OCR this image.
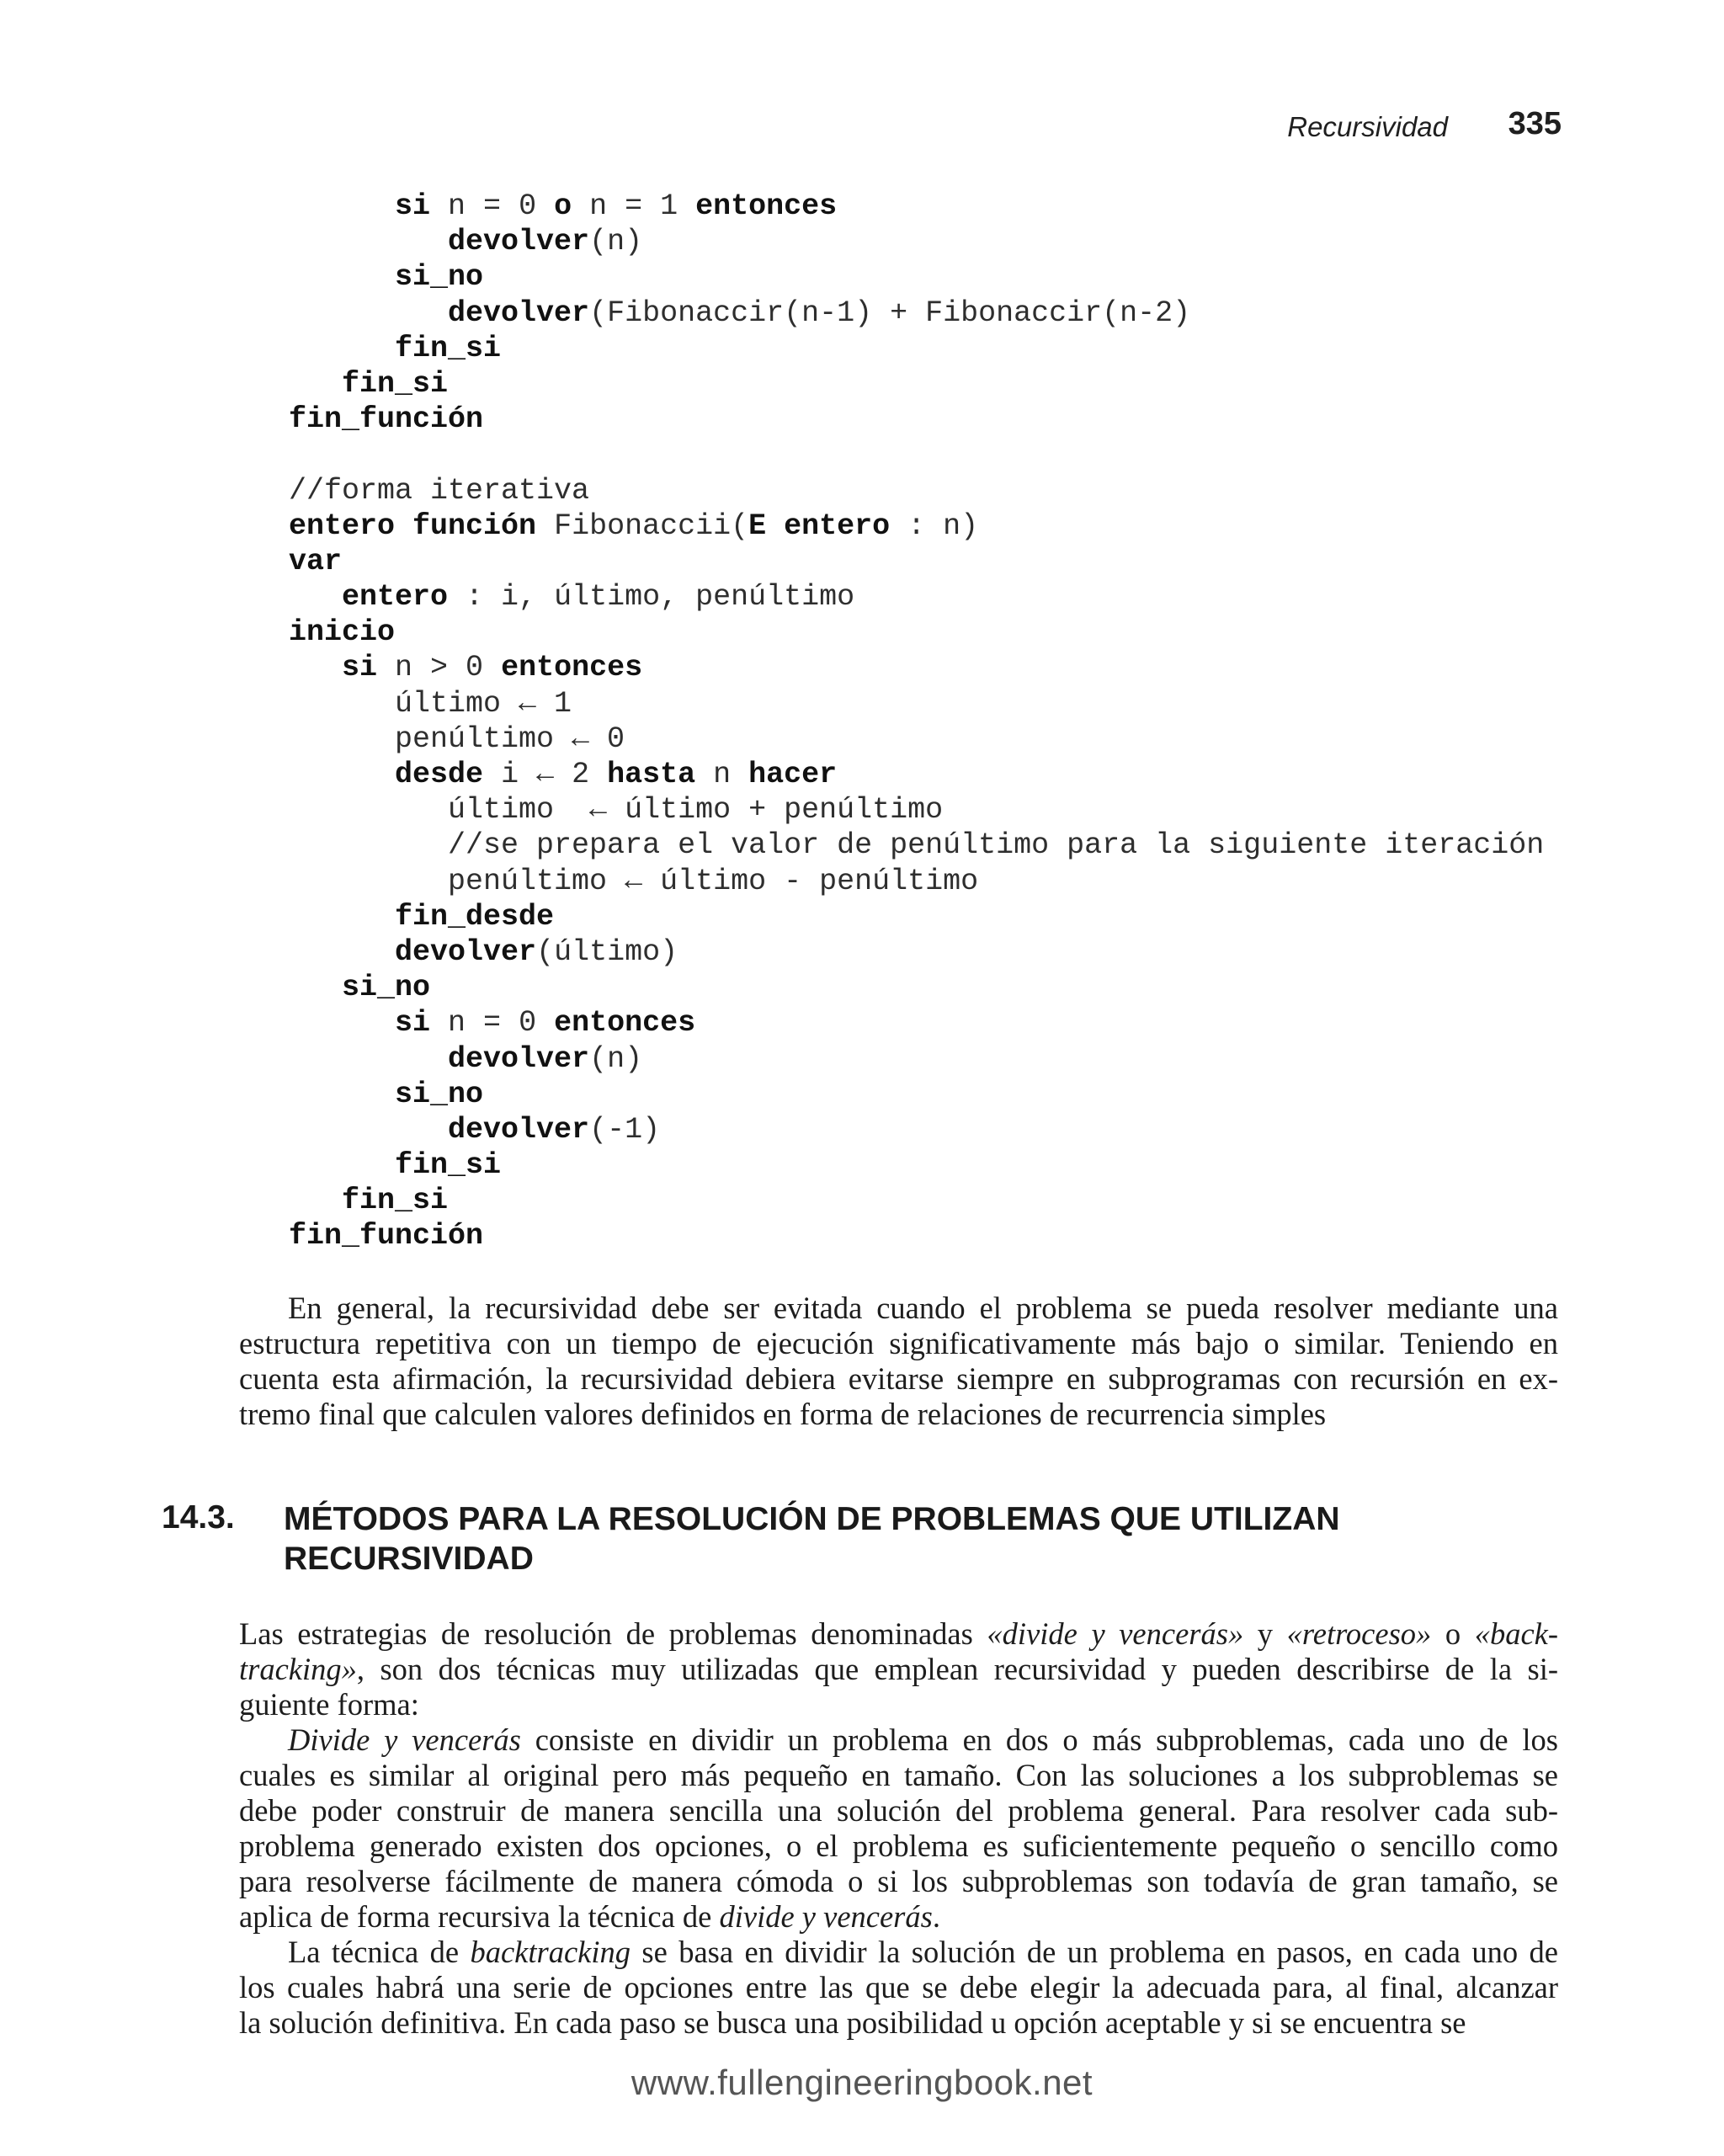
Recursividad	335
si n = 0 o n = 1 entonces
devolver(n)
si_no
devolver(Fibonaccir(n-1) + Fibonaccir(n-2)
fin_si
fin_si
fin_función
//forma iterativa
entero función Fibonaccii(E entero : n)
var
entero : i, último, penúltimo
inicio
si n > 0 entonces
último ← 1
penúltimo ← 0
desde i ← 2 hasta n hacer
último  ← último + penúltimo
//se prepara el valor de penúltimo para la siguiente iteración
penúltimo ← último - penúltimo
fin_desde
devolver(último)
si_no
si n = 0 entonces
devolver(n)
si_no
devolver(-1)
fin_si
fin_si
fin_función
En general, la recursividad debe ser evitada cuando el problema se pueda resolver mediante una
estructura repetitiva con un tiempo de ejecución significativamente más bajo o similar. Teniendo en
cuenta esta afirmación, la recursividad debiera evitarse siempre en subprogramas con recursión en ex-
tremo final que calculen valores definidos en forma de relaciones de recurrencia simples
14.3. MÉTODOS PARA LA RESOLUCIÓN DE PROBLEMAS QUE UTILIZAN
RECURSIVIDAD
Las estrategias de resolución de problemas denominadas «divide y vencerás» y «retroceso» o «back-
tracking», son dos técnicas muy utilizadas que emplean recursividad y pueden describirse de la si-
guiente forma:
Divide y vencerás consiste en dividir un problema en dos o más subproblemas, cada uno de los
cuales es similar al original pero más pequeño en tamaño. Con las soluciones a los subproblemas se
debe poder construir de manera sencilla una solución del problema general. Para resolver cada sub-
problema generado existen dos opciones, o el problema es suficientemente pequeño o sencillo como
para resolverse fácilmente de manera cómoda o si los subproblemas son todavía de gran tamaño, se
aplica de forma recursiva la técnica de divide y vencerás.
La técnica de backtracking se basa en dividir la solución de un problema en pasos, en cada uno de
los cuales habrá una serie de opciones entre las que se debe elegir la adecuada para, al final, alcanzar
la solución definitiva. En cada paso se busca una posibilidad u opción aceptable y si se encuentra se
www.fullengineeringbook.net
